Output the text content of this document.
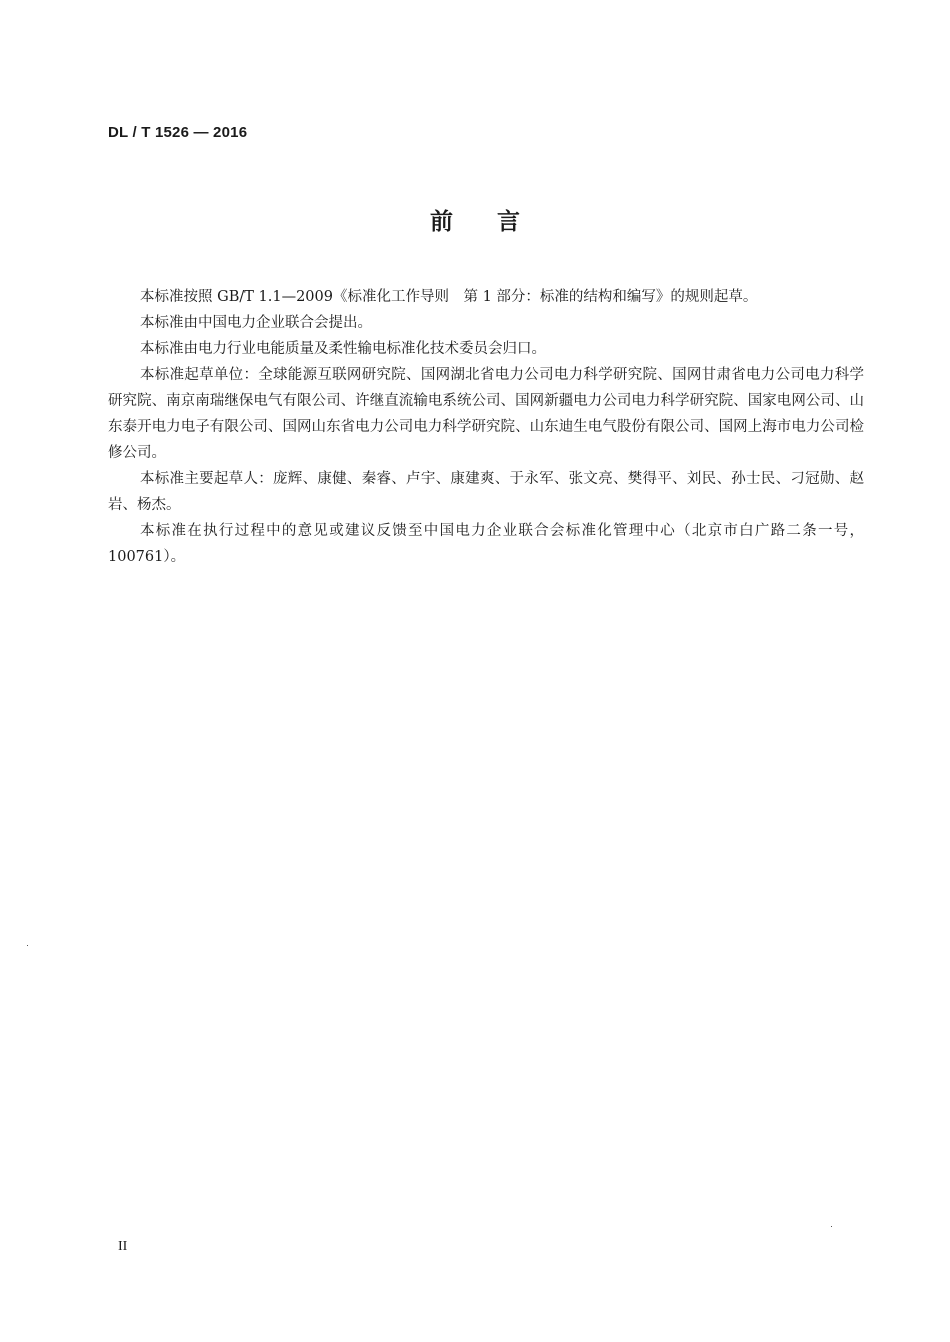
DL / T 1526 — 2016
前 言

本标准按照 GB/T 1.1—2009《标准化工作导则　第 1 部分：标准的结构和编写》的规则起草。

本标准由中国电力企业联合会提出。

本标准由电力行业电能质量及柔性输电标准化技术委员会归口。

本标准起草单位：全球能源互联网研究院、国网湖北省电力公司电力科学研究院、国网甘肃省电力公司电力科学研究院、南京南瑞继保电气有限公司、许继直流输电系统公司、国网新疆电力公司电力科学研究院、国家电网公司、山东泰开电力电子有限公司、国网山东省电力公司电力科学研究院、山东迪生电气股份有限公司、国网上海市电力公司检修公司。

本标准主要起草人：庞辉、康健、秦睿、卢宇、康建爽、于永军、张文亮、樊得平、刘民、孙士民、刁冠勋、赵岩、杨杰。

本标准在执行过程中的意见或建议反馈至中国电力企业联合会标准化管理中心（北京市白广路二条一号，100761）。

II
